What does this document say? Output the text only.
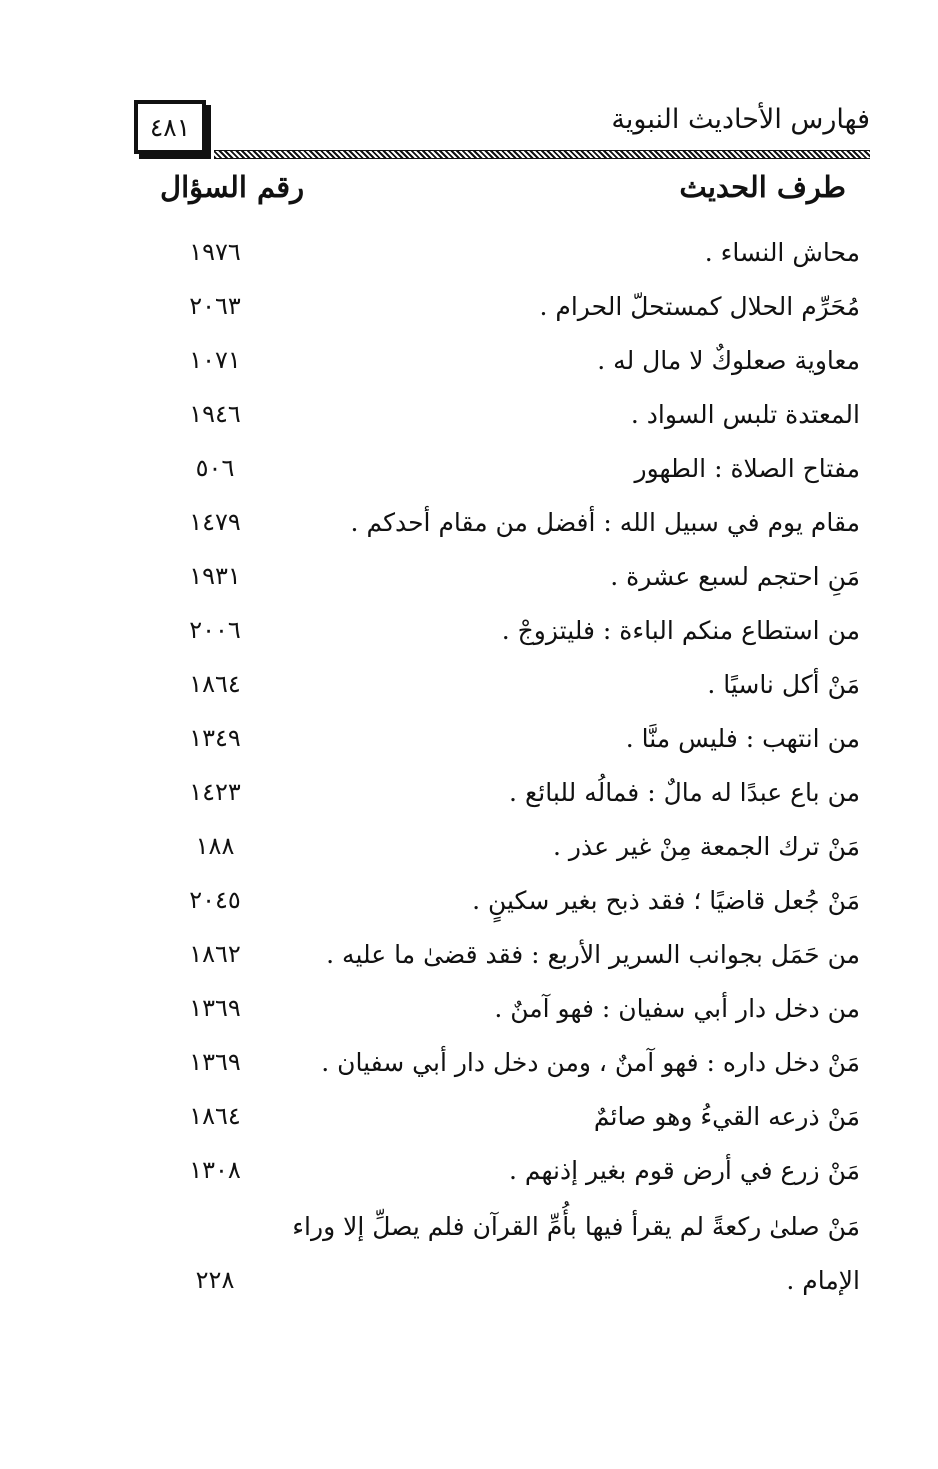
٤٨١	فهارس الأحاديث النبوية
طرف الحديث
رقم السؤال
١٩٧٦	محاش النساء .
٢٠٦٣	مُحَرِّم الحلال كمستحلّ الحرام .
١٠٧١	معاوية صعلوكٌ لا مال له .
١٩٤٦	المعتدة تلبس السواد .
٥٠٦	مفتاح الصلاة : الطهور
١٤٧٩	مقام يوم في سبيل الله : أفضل من مقام أحدكم .
١٩٣١	مَنِ احتجم لسبع عشرة .
٢٠٠٦	من استطاع منكم الباءة : فليتزوجْ .
١٨٦٤	مَنْ أكل ناسيًا .
١٣٤٩	من انتهب : فليس منَّا .
١٤٢٣	من باع عبدًا له مالٌ : فمالُه للبائع .
١٨٨	مَنْ ترك الجمعة مِنْ غير عذر .
٢٠٤٥	مَنْ جُعل قاضيًا ؛ فقد ذبح بغير سكينٍ .
١٨٦٢	من حَمَل بجوانب السرير الأربع : فقد قضىٰ ما عليه .
١٣٦٩	من دخل دار أبي سفيان : فهو آمنٌ .
١٣٦٩	مَنْ دخل داره : فهو آمنٌ ، ومن دخل دار أبي سفيان .
١٨٦٤	مَنْ ذرعه القيءُ وهو صائمٌ
١٣٠٨	مَنْ زرع في أرض قوم بغير إذنهم .
مَنْ صلىٰ ركعةً لم يقرأ فيها بأُمِّ القرآن فلم يصلِّ إلا وراء
٢٢٨	الإمام .
